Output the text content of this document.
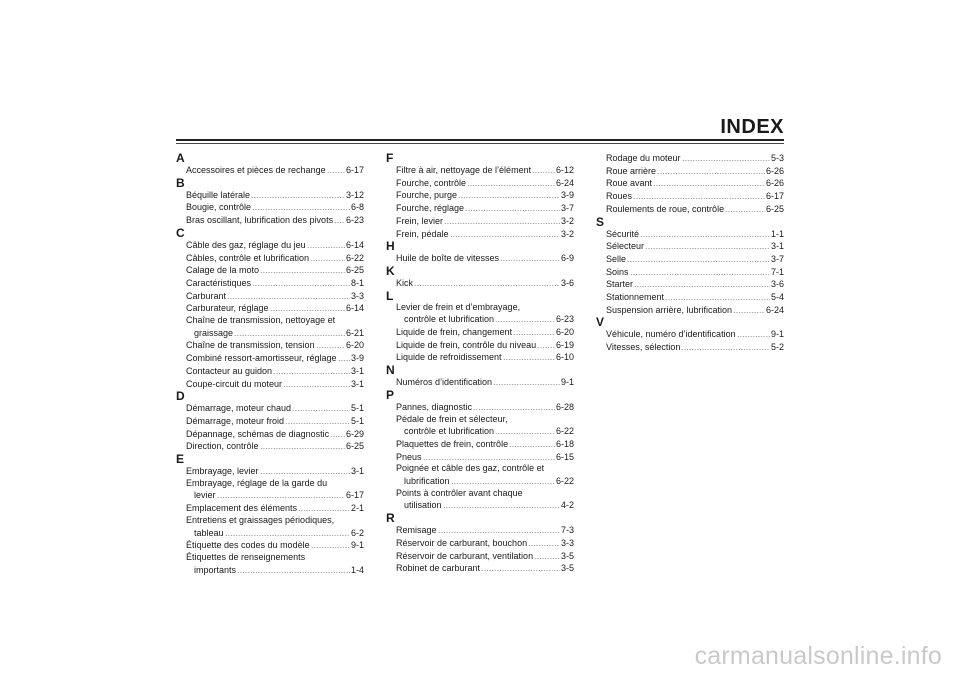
INDEX
A
Accessoires et pièces de rechange 6-17
B
Béquille latérale	3-12
Bougie, contrôle	6-8
Bras oscillant, lubrification des pivots 6-23
C
Câble des gaz, réglage du jeu	6-14
Câbles, contrôle et lubrification	6-22
Calage de la moto	6-25
Caractéristiques	8-1
Carburant	3-3
Carburateur, réglage	6-14
Chaîne de transmission, nettoyage et
graissage	6-21
Chaîne de transmission, tension	6-20
Combiné ressort-amortisseur, réglage 3-9
Contacteur au guidon	3-1
Coupe-circuit du moteur	3-1
D
Démarrage, moteur chaud	5-1
Démarrage, moteur froid	5-1
Dépannage, schémas de diagnostic 6-29
Direction, contrôle	6-25
E
Embrayage, levier	3-1
Embrayage, réglage de la garde du
levier	6-17
Emplacement des éléments	2-1
Entretiens et graissages périodiques,
tableau	6-2
Étiquette des codes du modèle	9-1
Étiquettes de renseignements
importants	1-4
F
Filtre à air, nettoyage de l’élément	6-12
Fourche, contrôle	6-24
Fourche, purge	3-9
Fourche, réglage	3-7
Frein, levier	3-2
Frein, pédale	3-2
H
Huile de boîte de vitesses	6-9
K
Kick	3-6
L
Levier de frein et d’embrayage,
contrôle et lubrification	6-23
Liquide de frein, changement	6-20
Liquide de frein, contrôle du niveau 6-19
Liquide de refroidissement	6-10
N
Numéros d’identification	9-1
P
Pannes, diagnostic	6-28
Pédale de frein et sélecteur,
contrôle et lubrification	6-22
Plaquettes de frein, contrôle	6-18
Pneus	6-15
Poignée et câble des gaz, contrôle et
lubrification	6-22
Points à contrôler avant chaque
utilisation	4-2
R
Remisage	7-3
Réservoir de carburant, bouchon	3-3
Réservoir de carburant, ventilation	3-5
Robinet de carburant	3-5
Rodage du moteur	5-3
Roue arrière	6-26
Roue avant	6-26
Roues	6-17
Roulements de roue, contrôle	6-25
S
Sécurité	1-1
Sélecteur	3-1
Selle	3-7
Soins	7-1
Starter	3-6
Stationnement	5-4
Suspension arrière, lubrification	6-24
V
Véhicule, numéro d’identification	9-1
Vitesses, sélection	5-2
carmanualsonline.info
